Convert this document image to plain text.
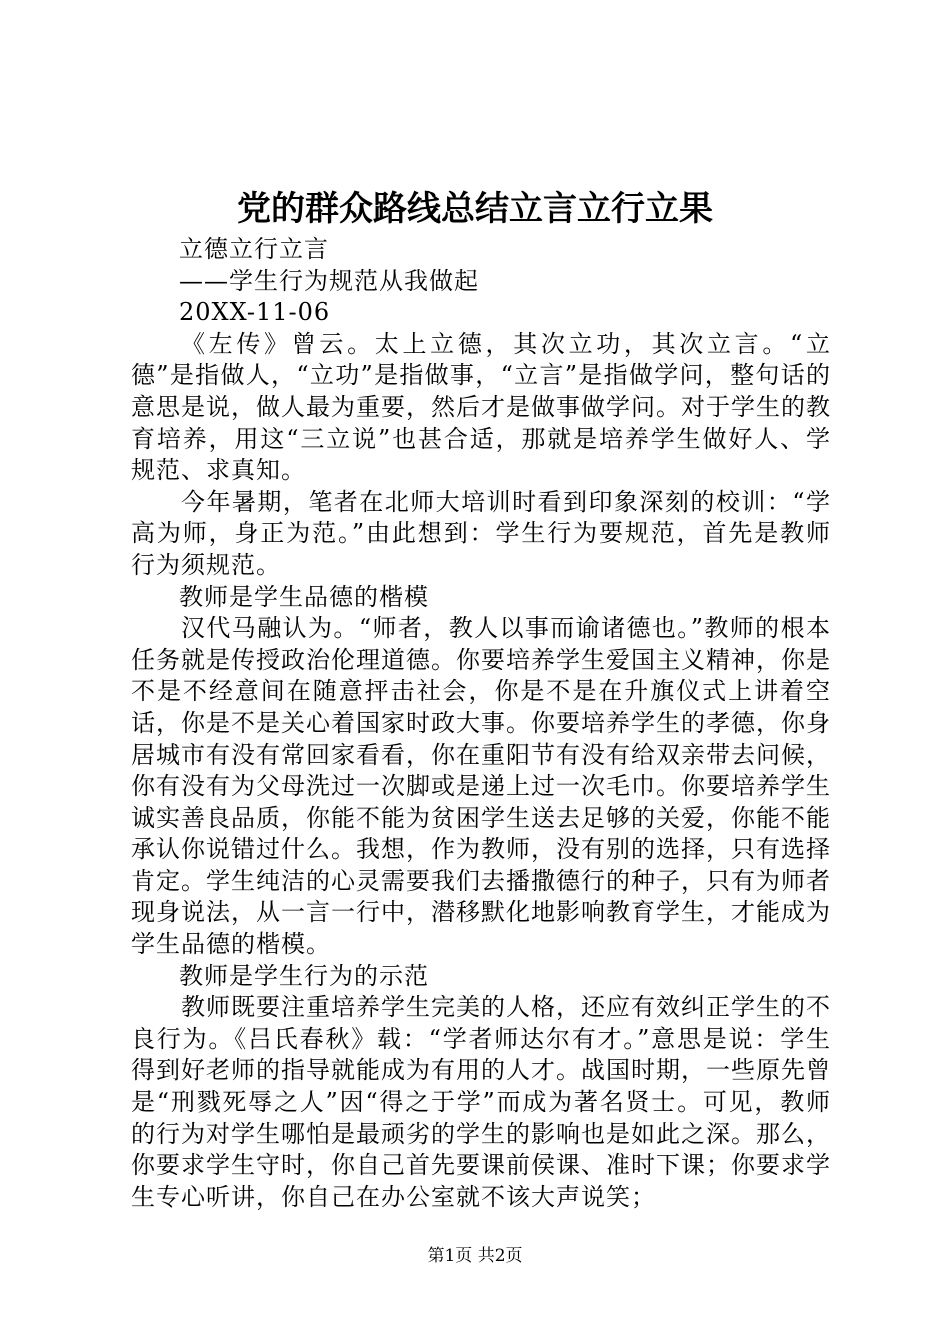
党的群众路线总结立言立行立果

立德立行立言

——学生行为规范从我做起

20XX-11-06

《左传》曾云。太上立德，其次立功，其次立言。“立德”是指做人，“立功”是指做事，“立言”是指做学问，整句话的意思是说，做人最为重要，然后才是做事做学问。对于学生的教育培养，用这“三立说”也甚合适，那就是培养学生做好人、学规范、求真知。

今年暑期，笔者在北师大培训时看到印象深刻的校训：“学高为师，身正为范。”由此想到：学生行为要规范，首先是教师行为须规范。

教师是学生品德的楷模

汉代马融认为。“师者，教人以事而谕诸德也。”教师的根本任务就是传授政治伦理道德。你要培养学生爱国主义精神，你是不是不经意间在随意抨击社会，你是不是在升旗仪式上讲着空话，你是不是关心着国家时政大事。你要培养学生的孝德，你身居城市有没有常回家看看，你在重阳节有没有给双亲带去问候，你有没有为父母洗过一次脚或是递上过一次毛巾。你要培养学生诚实善良品质，你能不能为贫困学生送去足够的关爱，你能不能承认你说错过什么。我想，作为教师，没有别的选择，只有选择肯定。学生纯洁的心灵需要我们去播撒德行的种子，只有为师者现身说法，从一言一行中，潜移默化地影响教育学生，才能成为学生品德的楷模。

教师是学生行为的示范

教师既要注重培养学生完美的人格，还应有效纠正学生的不良行为。《吕氏春秋》载：“学者师达尔有才。”意思是说：学生得到好老师的指导就能成为有用的人才。战国时期，一些原先曾是“刑戮死辱之人”因“得之于学”而成为著名贤士。可见，教师的行为对学生哪怕是最顽劣的学生的影响也是如此之深。那么，你要求学生守时，你自己首先要课前侯课、准时下课；你要求学生专心听讲，你自己在办公室就不该大声说笑；

第1页 共2页
